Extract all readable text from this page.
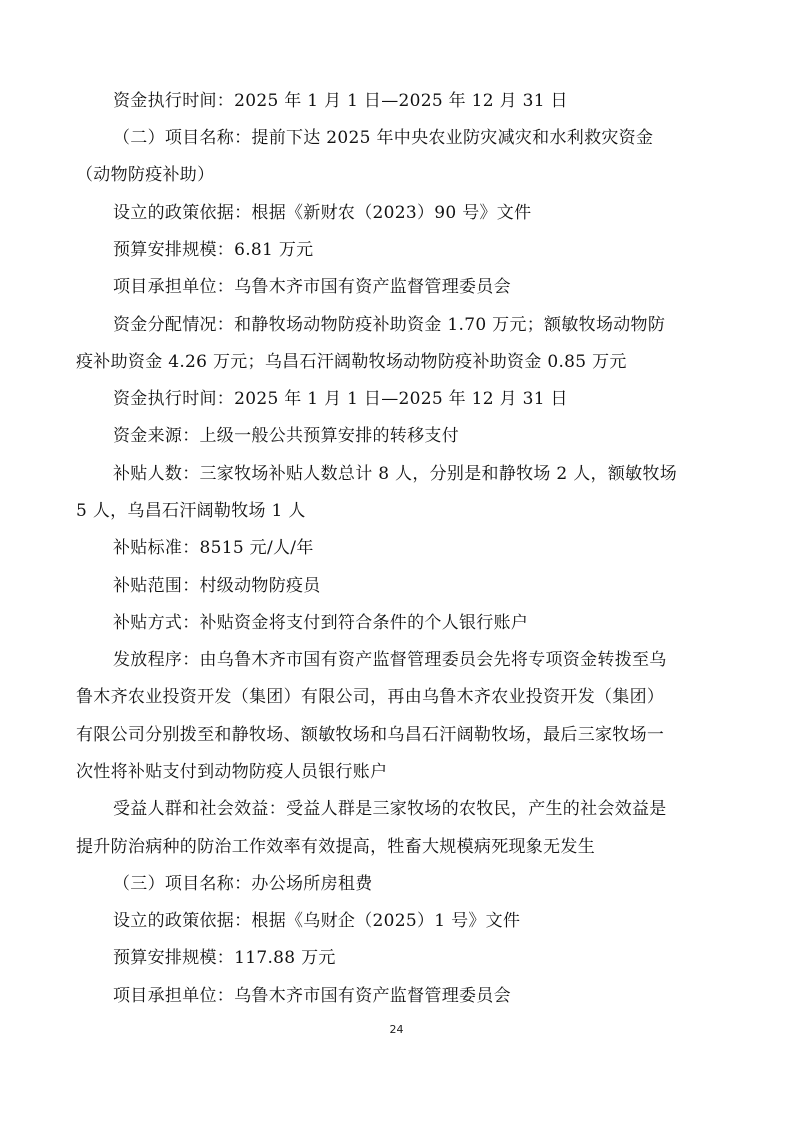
资金执行时间：2025 年 1 月 1 日—2025 年 12 月 31 日
（二）项目名称：提前下达 2025 年中央农业防灾减灾和水利救灾资金
（动物防疫补助）
设立的政策依据：根据《新财农（2023）90 号》文件
预算安排规模：6.81 万元
项目承担单位：乌鲁木齐市国有资产监督管理委员会
资金分配情况：和静牧场动物防疫补助资金 1.70 万元；额敏牧场动物防
疫补助资金 4.26 万元；乌昌石汗阔勒牧场动物防疫补助资金 0.85 万元
资金执行时间：2025 年 1 月 1 日—2025 年 12 月 31 日
资金来源：上级一般公共预算安排的转移支付
补贴人数：三家牧场补贴人数总计 8 人，分别是和静牧场 2 人，额敏牧场
5 人，乌昌石汗阔勒牧场 1 人
补贴标准：8515 元/人/年
补贴范围：村级动物防疫员
补贴方式：补贴资金将支付到符合条件的个人银行账户
发放程序：由乌鲁木齐市国有资产监督管理委员会先将专项资金转拨至乌
鲁木齐农业投资开发（集团）有限公司，再由乌鲁木齐农业投资开发（集团）
有限公司分别拨至和静牧场、额敏牧场和乌昌石汗阔勒牧场，最后三家牧场一
次性将补贴支付到动物防疫人员银行账户
受益人群和社会效益：受益人群是三家牧场的农牧民，产生的社会效益是
提升防治病种的防治工作效率有效提高，牲畜大规模病死现象无发生
（三）项目名称：办公场所房租费
设立的政策依据：根据《乌财企（2025）1 号》文件
预算安排规模：117.88 万元
项目承担单位：乌鲁木齐市国有资产监督管理委员会
24
